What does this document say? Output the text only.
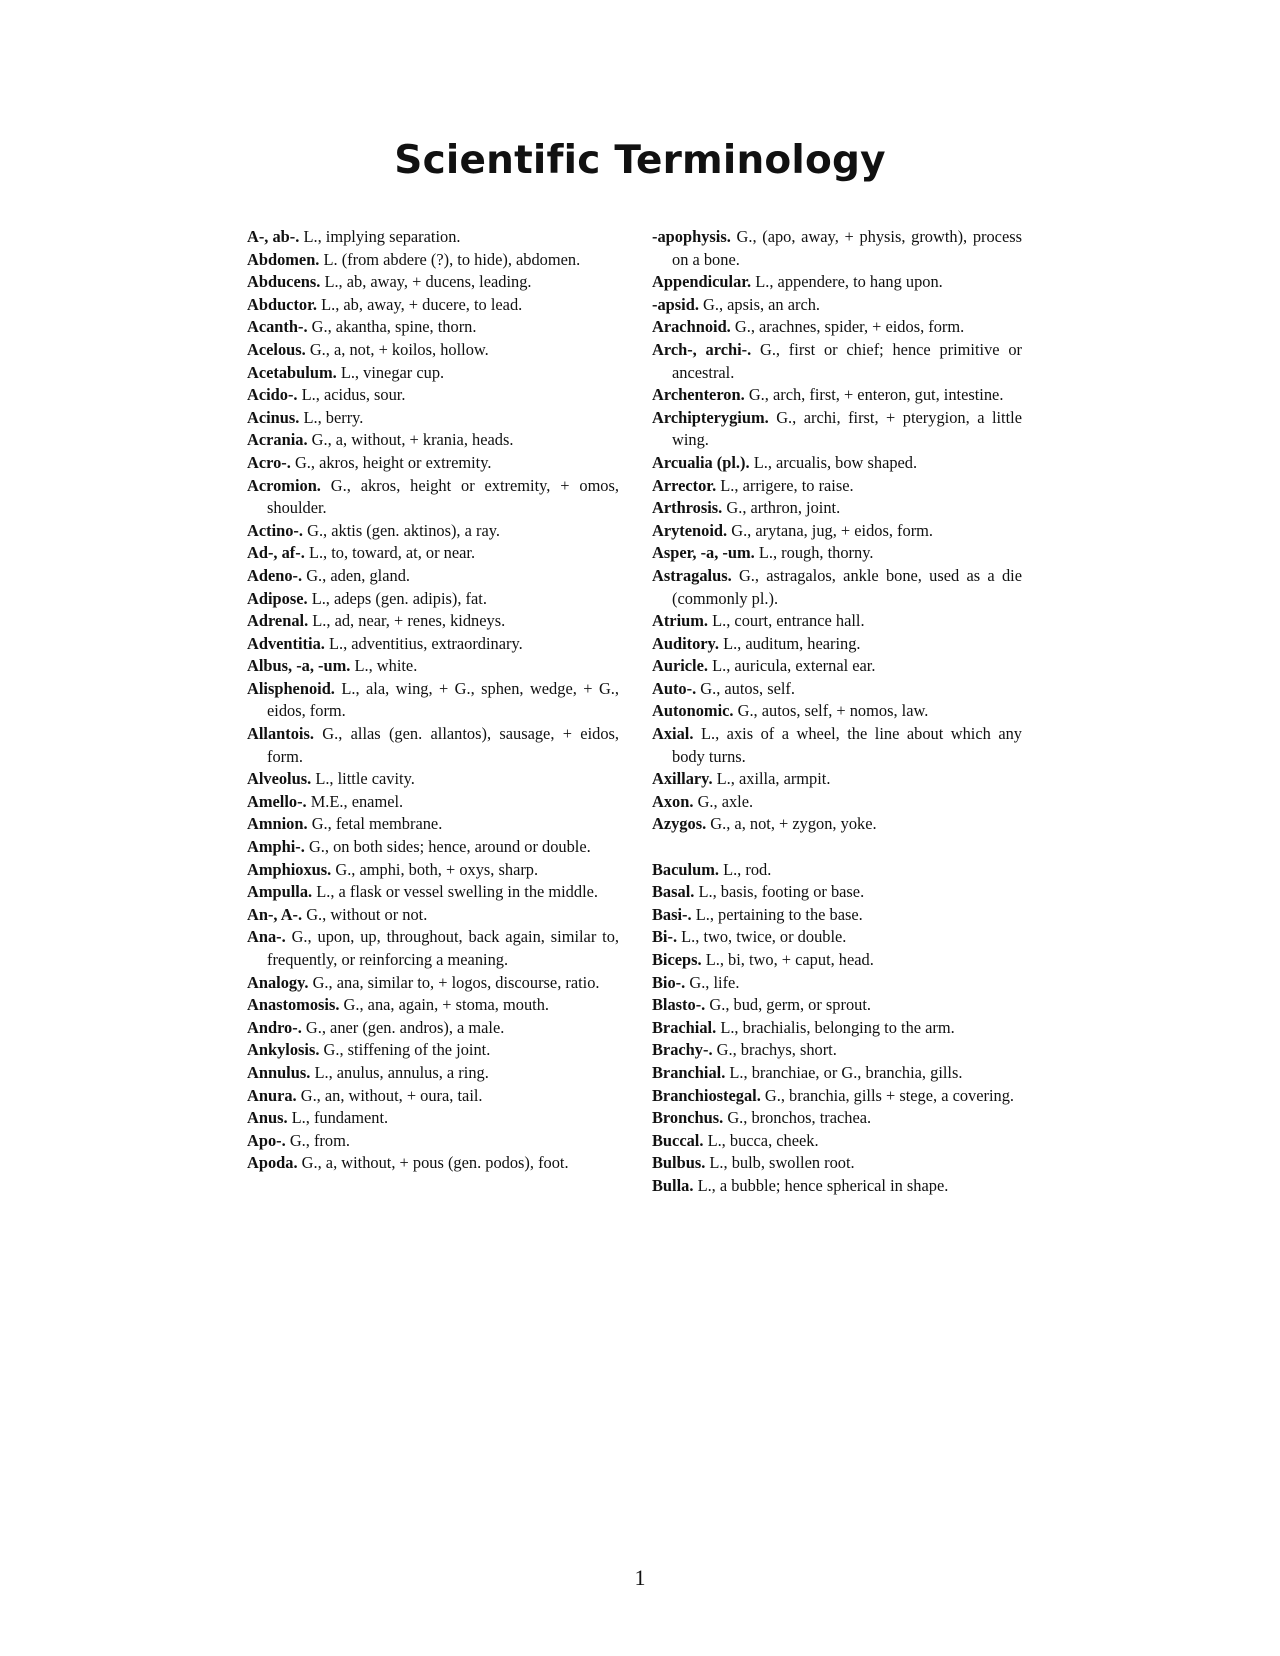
Scientific Terminology

A-, ab-. L., implying separation.

Abdomen. L. (from abdere (?), to hide), abdomen.

Abducens. L., ab, away, + ducens, leading.

Abductor. L., ab, away, + ducere, to lead.

Acanth-. G., akantha, spine, thorn.

Acelous. G., a, not, + koilos, hollow.

Acetabulum. L., vinegar cup.

Acido-. L., acidus, sour.

Acinus. L., berry.

Acrania. G., a, without, + krania, heads.

Acro-. G., akros, height or extremity.

Acromion. G., akros, height or extremity, + omos, shoulder.

Actino-. G., aktis (gen. aktinos), a ray.

Ad-, af-. L., to, toward, at, or near.

Adeno-. G., aden, gland.

Adipose. L., adeps (gen. adipis), fat.

Adrenal. L., ad, near, + renes, kidneys.

Adventitia. L., adventitius, extraordinary.

Albus, -a, -um. L., white.

Alisphenoid. L., ala, wing, + G., sphen, wedge, + G., eidos, form.

Allantois. G., allas (gen. allantos), sausage, + eidos, form.

Alveolus. L., little cavity.

Amello-. M.E., enamel.

Amnion. G., fetal membrane.

Amphi-. G., on both sides; hence, around or double.

Amphioxus. G., amphi, both, + oxys, sharp.

Ampulla. L., a flask or vessel swelling in the middle.

An-, A-. G., without or not.

Ana-. G., upon, up, throughout, back again, similar to, frequently, or reinforcing a meaning.

Analogy. G., ana, similar to, + logos, discourse, ratio.

Anastomosis. G., ana, again, + stoma, mouth.

Andro-. G., aner (gen. andros), a male.

Ankylosis. G., stiffening of the joint.

Annulus. L., anulus, annulus, a ring.

Anura. G., an, without, + oura, tail.

Anus. L., fundament.

Apo-. G., from.

Apoda. G., a, without, + pous (gen. podos), foot.

-apophysis. G., (apo, away, + physis, growth), process on a bone.

Appendicular. L., appendere, to hang upon.

-apsid. G., apsis, an arch.

Arachnoid. G., arachnes, spider, + eidos, form.

Arch-, archi-. G., first or chief; hence primitive or ancestral.

Archenteron. G., arch, first, + enteron, gut, intestine.

Archipterygium. G., archi, first, + pterygion, a little wing.

Arcualia (pl.). L., arcualis, bow shaped.

Arrector. L., arrigere, to raise.

Arthrosis. G., arthron, joint.

Arytenoid. G., arytana, jug, + eidos, form.

Asper, -a, -um. L., rough, thorny.

Astragalus. G., astragalos, ankle bone, used as a die (commonly pl.).

Atrium. L., court, entrance hall.

Auditory. L., auditum, hearing.

Auricle. L., auricula, external ear.

Auto-. G., autos, self.

Autonomic. G., autos, self, + nomos, law.

Axial. L., axis of a wheel, the line about which any body turns.

Axillary. L., axilla, armpit.

Axon. G., axle.

Azygos. G., a, not, + zygon, yoke.

Baculum. L., rod.

Basal. L., basis, footing or base.

Basi-. L., pertaining to the base.

Bi-. L., two, twice, or double.

Biceps. L., bi, two, + caput, head.

Bio-. G., life.

Blasto-. G., bud, germ, or sprout.

Brachial. L., brachialis, belonging to the arm.

Brachy-. G., brachys, short.

Branchial. L., branchiae, or G., branchia, gills.

Branchiostegal. G., branchia, gills + stege, a covering.

Bronchus. G., bronchos, trachea.

Buccal. L., bucca, cheek.

Bulbus. L., bulb, swollen root.

Bulla. L., a bubble; hence spherical in shape.

1
